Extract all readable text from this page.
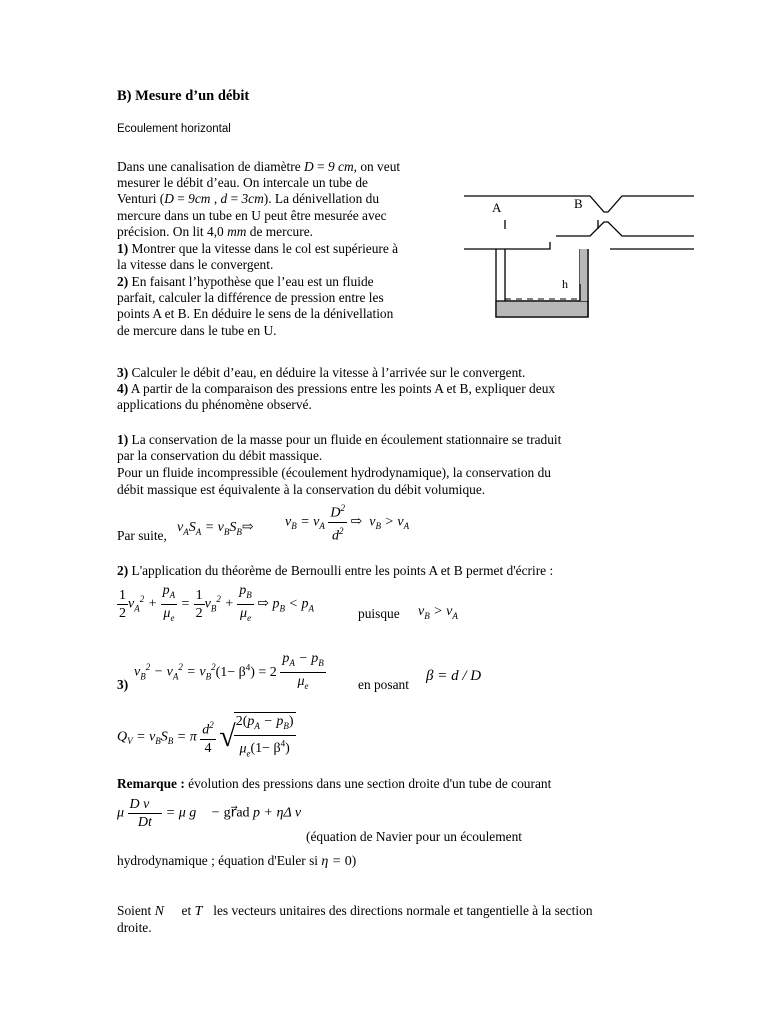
B) Mesure d’un débit
Ecoulement horizontal
Dans une canalisation de diamètre D = 9 cm, on veut
mesurer le débit d’eau. On intercale un tube de
Venturi (D = 9cm , d = 3cm). La dénivellation du
mercure dans un tube en U peut être mesurée avec
précision. On lit 4,0 mm de mercure.
1) Montrer que la vitesse dans le col est supérieure à
la vitesse dans le convergent.
2) En faisant l’hypothèse que l’eau est un fluide
parfait, calculer la différence de pression entre les
points A et B. En déduire le sens de la dénivellation
de mercure dans le tube en U.
A	B
h
3) Calculer le débit d’eau, en déduire la vitesse à l’arrivée sur le convergent.
4) A partir de la comparaison des pressions entre les points A et B, expliquer deux
applications du phénomène observé.
1) La conservation de la masse pour un fluide en écoulement stationnaire se traduit
par la conservation du débit massique.
Pour un fluide incompressible (écoulement hydrodynamique), la conservation du
débit massique est équivalente à la conservation du débit volumique.
Par suite,
$v_AS_A$ = $v_BS_B⇨$ $v_B = v_A \frac{D^2}{d^2}$ ⇨  $v_B > v_A$
2) L'application du théorème de Bernoulli entre les points A et B permet d'écrire :
$\frac{1}{2} v_A^2 + \frac{p_A}{\mu_e} = \frac{1}{2} v_B^2 + \frac{p_B}{\mu_e}$ ⇨ $p_B < p_A$	puisque $v_B > v_A$
$v_B^2 - v_A^2 = v_B^2(1- \beta^4) = 2 \frac{p_A - p_B}{\mu_e}$
3)	en posant
β = d / D
$Q_V = v_BS_B = \pi \frac{d^2}{4}$ √
$\frac{2(p_A - p_B)}{\mu_e(1- \beta^4)}$
Remarque : évolution des pressions dans une section droite d'un tube de courant
μ $\frac{\text{D v⃗}}{Dt} = \mu$ g⃗ − gr⃗ad p + ηΔ v⃗
(équation de Navier pour un écoulement
hydrodynamique ; équation d'Euler si η = 0)
Soient N⃗ et T⃗les vecteurs unitaires des directions normale et tangentielle à la section
droite.
